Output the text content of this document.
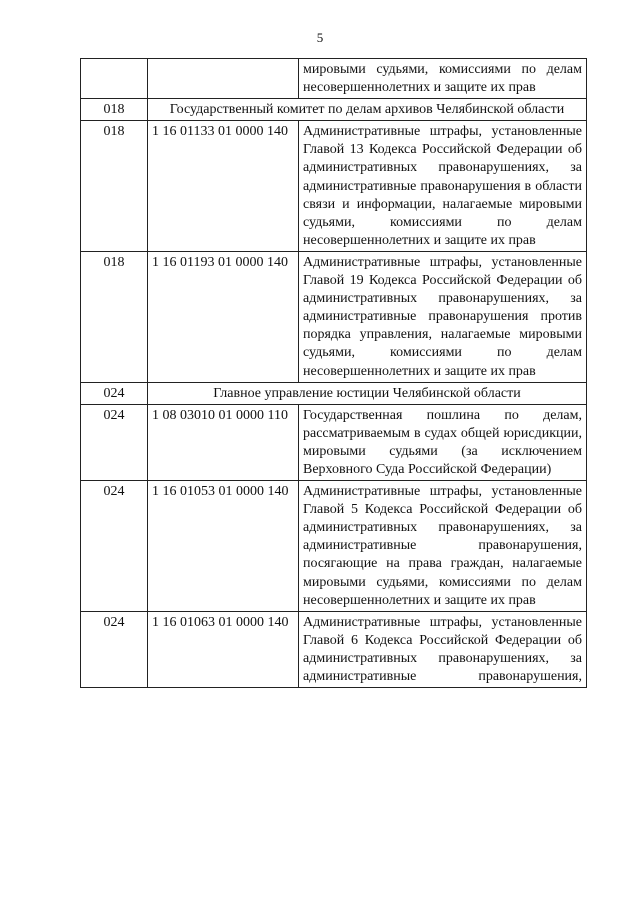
5
		мировыми судьями, комиссиями по делам несовершеннолетних и защите их прав
018	Государственный комитет по делам архивов Челябинской области	
018	1 16 01133 01 0000 140	Административные штрафы, установленные Главой 13 Кодекса Российской Федерации об административных правонарушениях, за административные правонарушения в области связи и информации, налагаемые мировыми судьями, комиссиями по делам несовершеннолетних и защите их прав
018	1 16 01193 01 0000 140	Административные штрафы, установленные Главой 19 Кодекса Российской Федерации об административных правонарушениях, за административные правонарушения против порядка управления, налагаемые мировыми судьями, комиссиями по делам несовершеннолетних и защите их прав
024	Главное управление юстиции Челябинской области	
024	1 08 03010 01 0000 110	Государственная пошлина по делам, рассматриваемым в судах общей юрисдикции, мировыми судьями (за исключением Верховного Суда Российской Федерации)
024	1 16 01053 01 0000 140	Административные штрафы, установленные Главой 5 Кодекса Российской Федерации об административных правонарушениях, за административные правонарушения, посягающие на права граждан, налагаемые мировыми судьями, комиссиями по делам несовершеннолетних и защите их прав
024	1 16 01063 01 0000 140	Административные штрафы, установленные Главой 6 Кодекса Российской Федерации об административных правонарушениях, за административные правонарушения,
